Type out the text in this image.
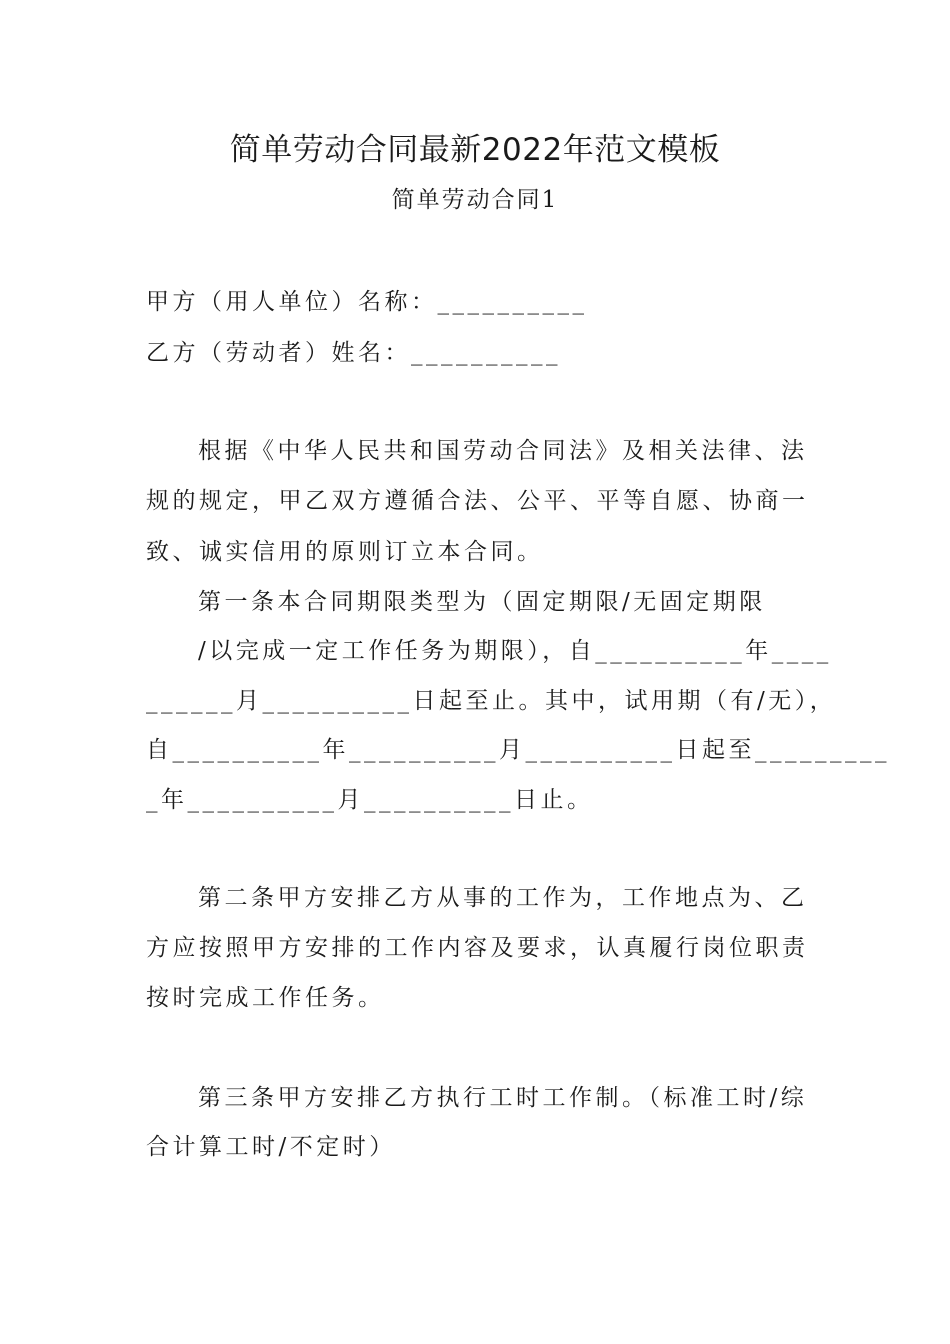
简单劳动合同最新2022年范文模板
简单劳动合同1
甲方（用人单位）名称：__________
乙方（劳动者）姓名：__________
根据《中华人民共和国劳动合同法》及相关法律、法
规的规定，甲乙双方遵循合法、公平、平等自愿、协商一
致、诚实信用的原则订立本合同。
第一条本合同期限类型为（固定期限/无固定期限
/以完成一定工作任务为期限），自__________年____
______月__________日起至止。其中，试用期（有/无），
自__________年__________月__________日起至_________
_年__________月__________日止。
第二条甲方安排乙方从事的工作为，工作地点为、乙
方应按照甲方安排的工作内容及要求，认真履行岗位职责
按时完成工作任务。
第三条甲方安排乙方执行工时工作制。（标准工时/综
合计算工时/不定时）
